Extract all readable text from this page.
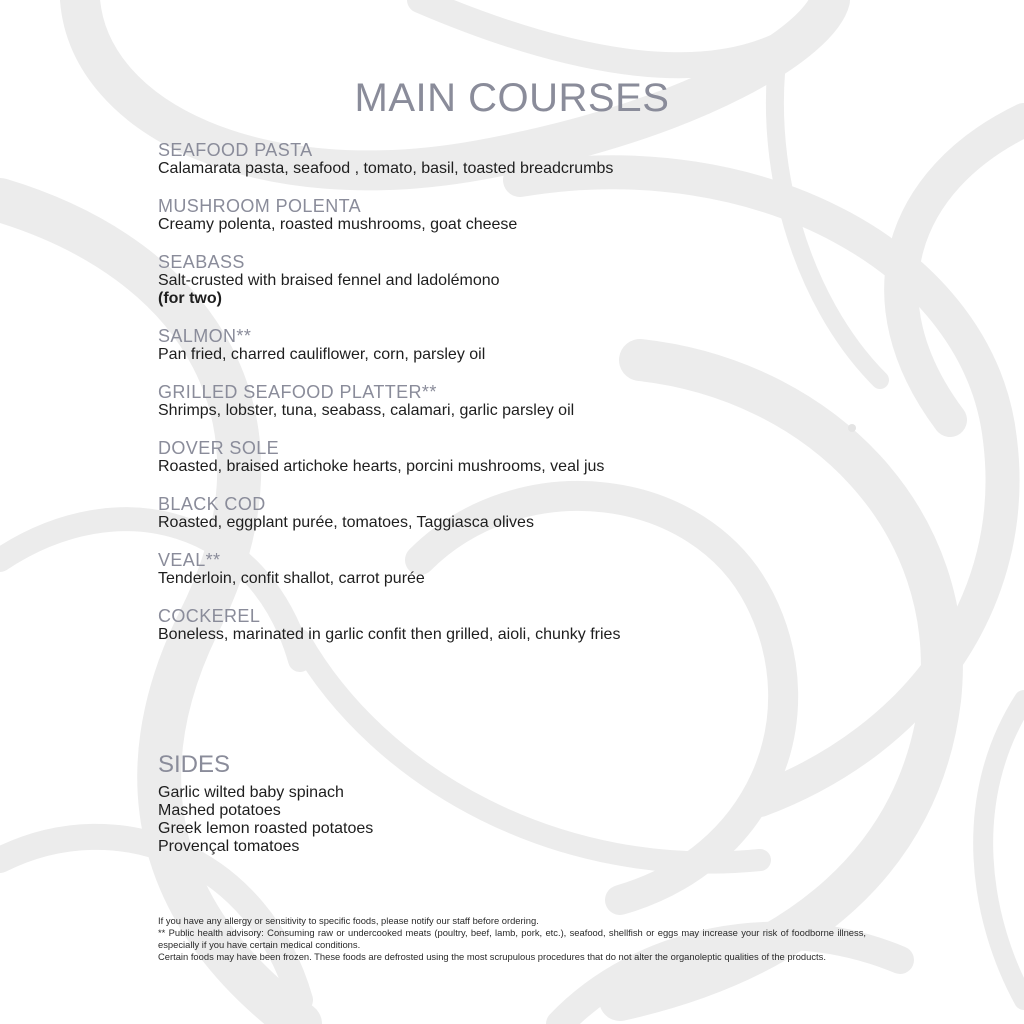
MAIN COURSES

SEAFOOD PASTA

Calamarata pasta, seafood , tomato, basil, toasted breadcrumbs

MUSHROOM POLENTA

Creamy polenta, roasted mushrooms, goat cheese

SEABASS

Salt-crusted with braised fennel and ladolémono

(for two)

SALMON**

Pan fried, charred cauliflower, corn, parsley oil

GRILLED SEAFOOD PLATTER**

Shrimps, lobster, tuna, seabass, calamari, garlic parsley oil

DOVER SOLE

Roasted, braised artichoke hearts, porcini mushrooms, veal jus

BLACK COD

Roasted, eggplant purée, tomatoes, Taggiasca olives

VEAL**

Tenderloin, confit shallot, carrot purée

COCKEREL

Boneless, marinated in garlic confit then grilled, aioli, chunky fries

SIDES
Garlic wilted baby spinach
Mashed potatoes
Greek lemon roasted potatoes
Provençal tomatoes

If you have any allergy or sensitivity to specific foods, please notify our staff before ordering.

** Public health advisory: Consuming raw or undercooked meats (poultry, beef, lamb, pork, etc.), seafood, shellfish or eggs may increase your risk of foodborne illness, especially if you have certain medical conditions.

Certain foods may have been frozen. These foods are defrosted using the most scrupulous procedures that do not alter the organoleptic qualities of the products.
